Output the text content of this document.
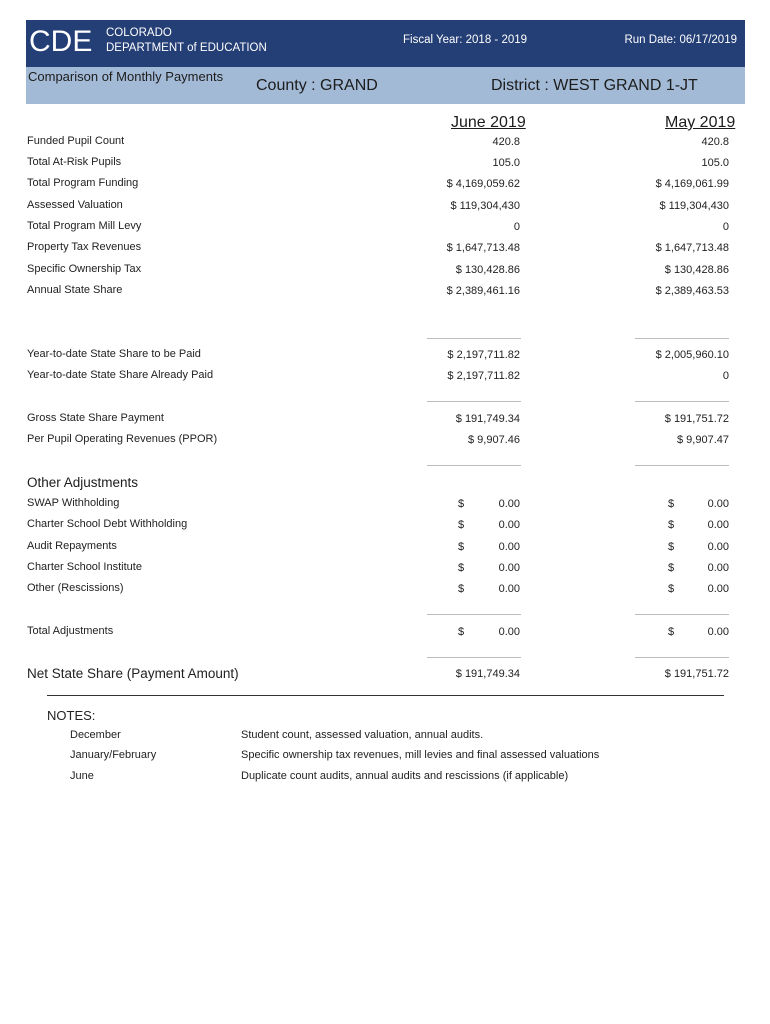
CDE COLORADO
DEPARTMENT of EDUCATION
Fiscal Year: 2018 - 2019	Run Date: 06/17/2019
Comparison of Monthly Payments
County : GRAND	District : WEST GRAND 1-JT
June 2019	May 2019
Funded Pupil Count	420.8	420.8
Total At-Risk Pupils	105.0	105.0
Total Program Funding	$ 4,169,059.62	$ 4,169,061.99
Assessed Valuation	$ 119,304,430	$ 119,304,430
Total Program Mill Levy	0	0
Property Tax Revenues	$ 1,647,713.48	$ 1,647,713.48
Specific Ownership Tax	$ 130,428.86	$ 130,428.86
Annual State Share	$ 2,389,461.16	$ 2,389,463.53
Year-to-date State Share to be Paid	$ 2,197,711.82	$ 2,005,960.10
Year-to-date State Share Already Paid	$ 2,197,711.82	0
Gross State Share Payment	$ 191,749.34	$ 191,751.72
Per Pupil Operating Revenues (PPOR)	$ 9,907.46	$ 9,907.47
Other Adjustments
SWAP Withholding	$	0.00	$	0.00
Charter School Debt Withholding	$	0.00	$	0.00
Audit Repayments	$	0.00	$	0.00
Charter School Institute	$	0.00	$	0.00
Other (Rescissions)	$	0.00	$	0.00
Total Adjustments	$	0.00	$	0.00
Net State Share (Payment Amount)	$ 191,749.34	$ 191,751.72
NOTES:
December	Student count, assessed valuation, annual audits.
January/February	Specific ownership tax revenues, mill levies and final assessed valuations
June	Duplicate count audits, annual audits and rescissions (if applicable)
